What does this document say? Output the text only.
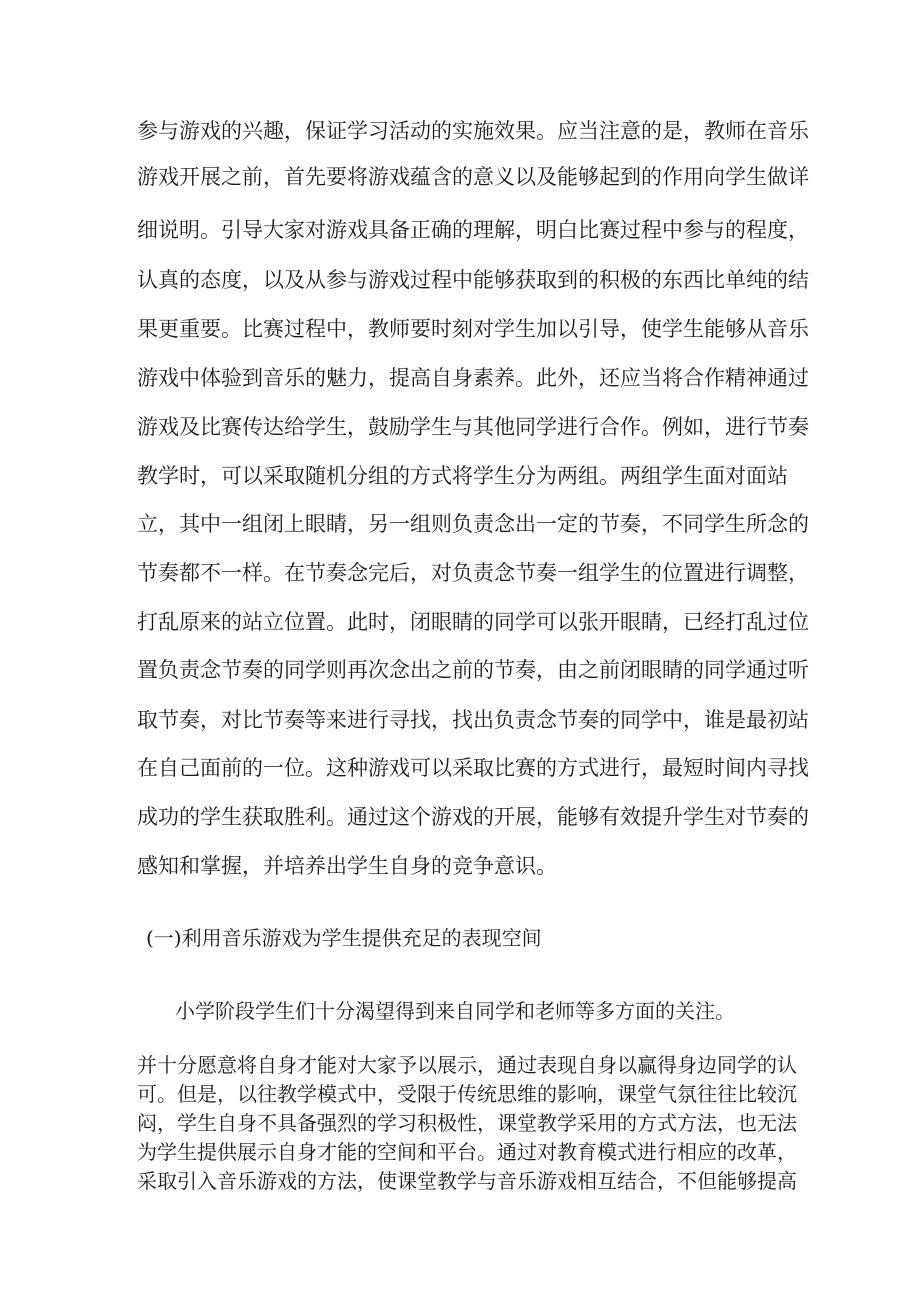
参与游戏的兴趣，保证学习活动的实施效果。应当注意的是，教师在音乐
游戏开展之前，首先要将游戏蕴含的意义以及能够起到的作用向学生做详
细说明。引导大家对游戏具备正确的理解，明白比赛过程中参与的程度，
认真的态度，以及从参与游戏过程中能够获取到的积极的东西比单纯的结
果更重要。比赛过程中，教师要时刻对学生加以引导，使学生能够从音乐
游戏中体验到音乐的魅力，提高自身素养。此外，还应当将合作精神通过
游戏及比赛传达给学生，鼓励学生与其他同学进行合作。例如，进行节奏
教学时，可以采取随机分组的方式将学生分为两组。两组学生面对面站
立，其中一组闭上眼睛，另一组则负责念出一定的节奏，不同学生所念的
节奏都不一样。在节奏念完后，对负责念节奏一组学生的位置进行调整，
打乱原来的站立位置。此时，闭眼睛的同学可以张开眼睛，已经打乱过位
置负责念节奏的同学则再次念出之前的节奏，由之前闭眼睛的同学通过听
取节奏，对比节奏等来进行寻找，找出负责念节奏的同学中，谁是最初站
在自己面前的一位。这种游戏可以采取比赛的方式进行，最短时间内寻找
成功的学生获取胜利。通过这个游戏的开展，能够有效提升学生对节奏的
感知和掌握，并培养出学生自身的竞争意识。
(一)利用音乐游戏为学生提供充足的表现空间
小学阶段学生们十分渴望得到来自同学和老师等多方面的关注。
并十分愿意将自身才能对大家予以展示，通过表现自身以赢得身边同学的认
可。但是，以往教学模式中，受限于传统思维的影响，课堂气氛往往比较沉
闷，学生自身不具备强烈的学习积极性，课堂教学采用的方式方法，也无法
为学生提供展示自身才能的空间和平台。通过对教育模式进行相应的改革，
采取引入音乐游戏的方法，使课堂教学与音乐游戏相互结合，不但能够提高
